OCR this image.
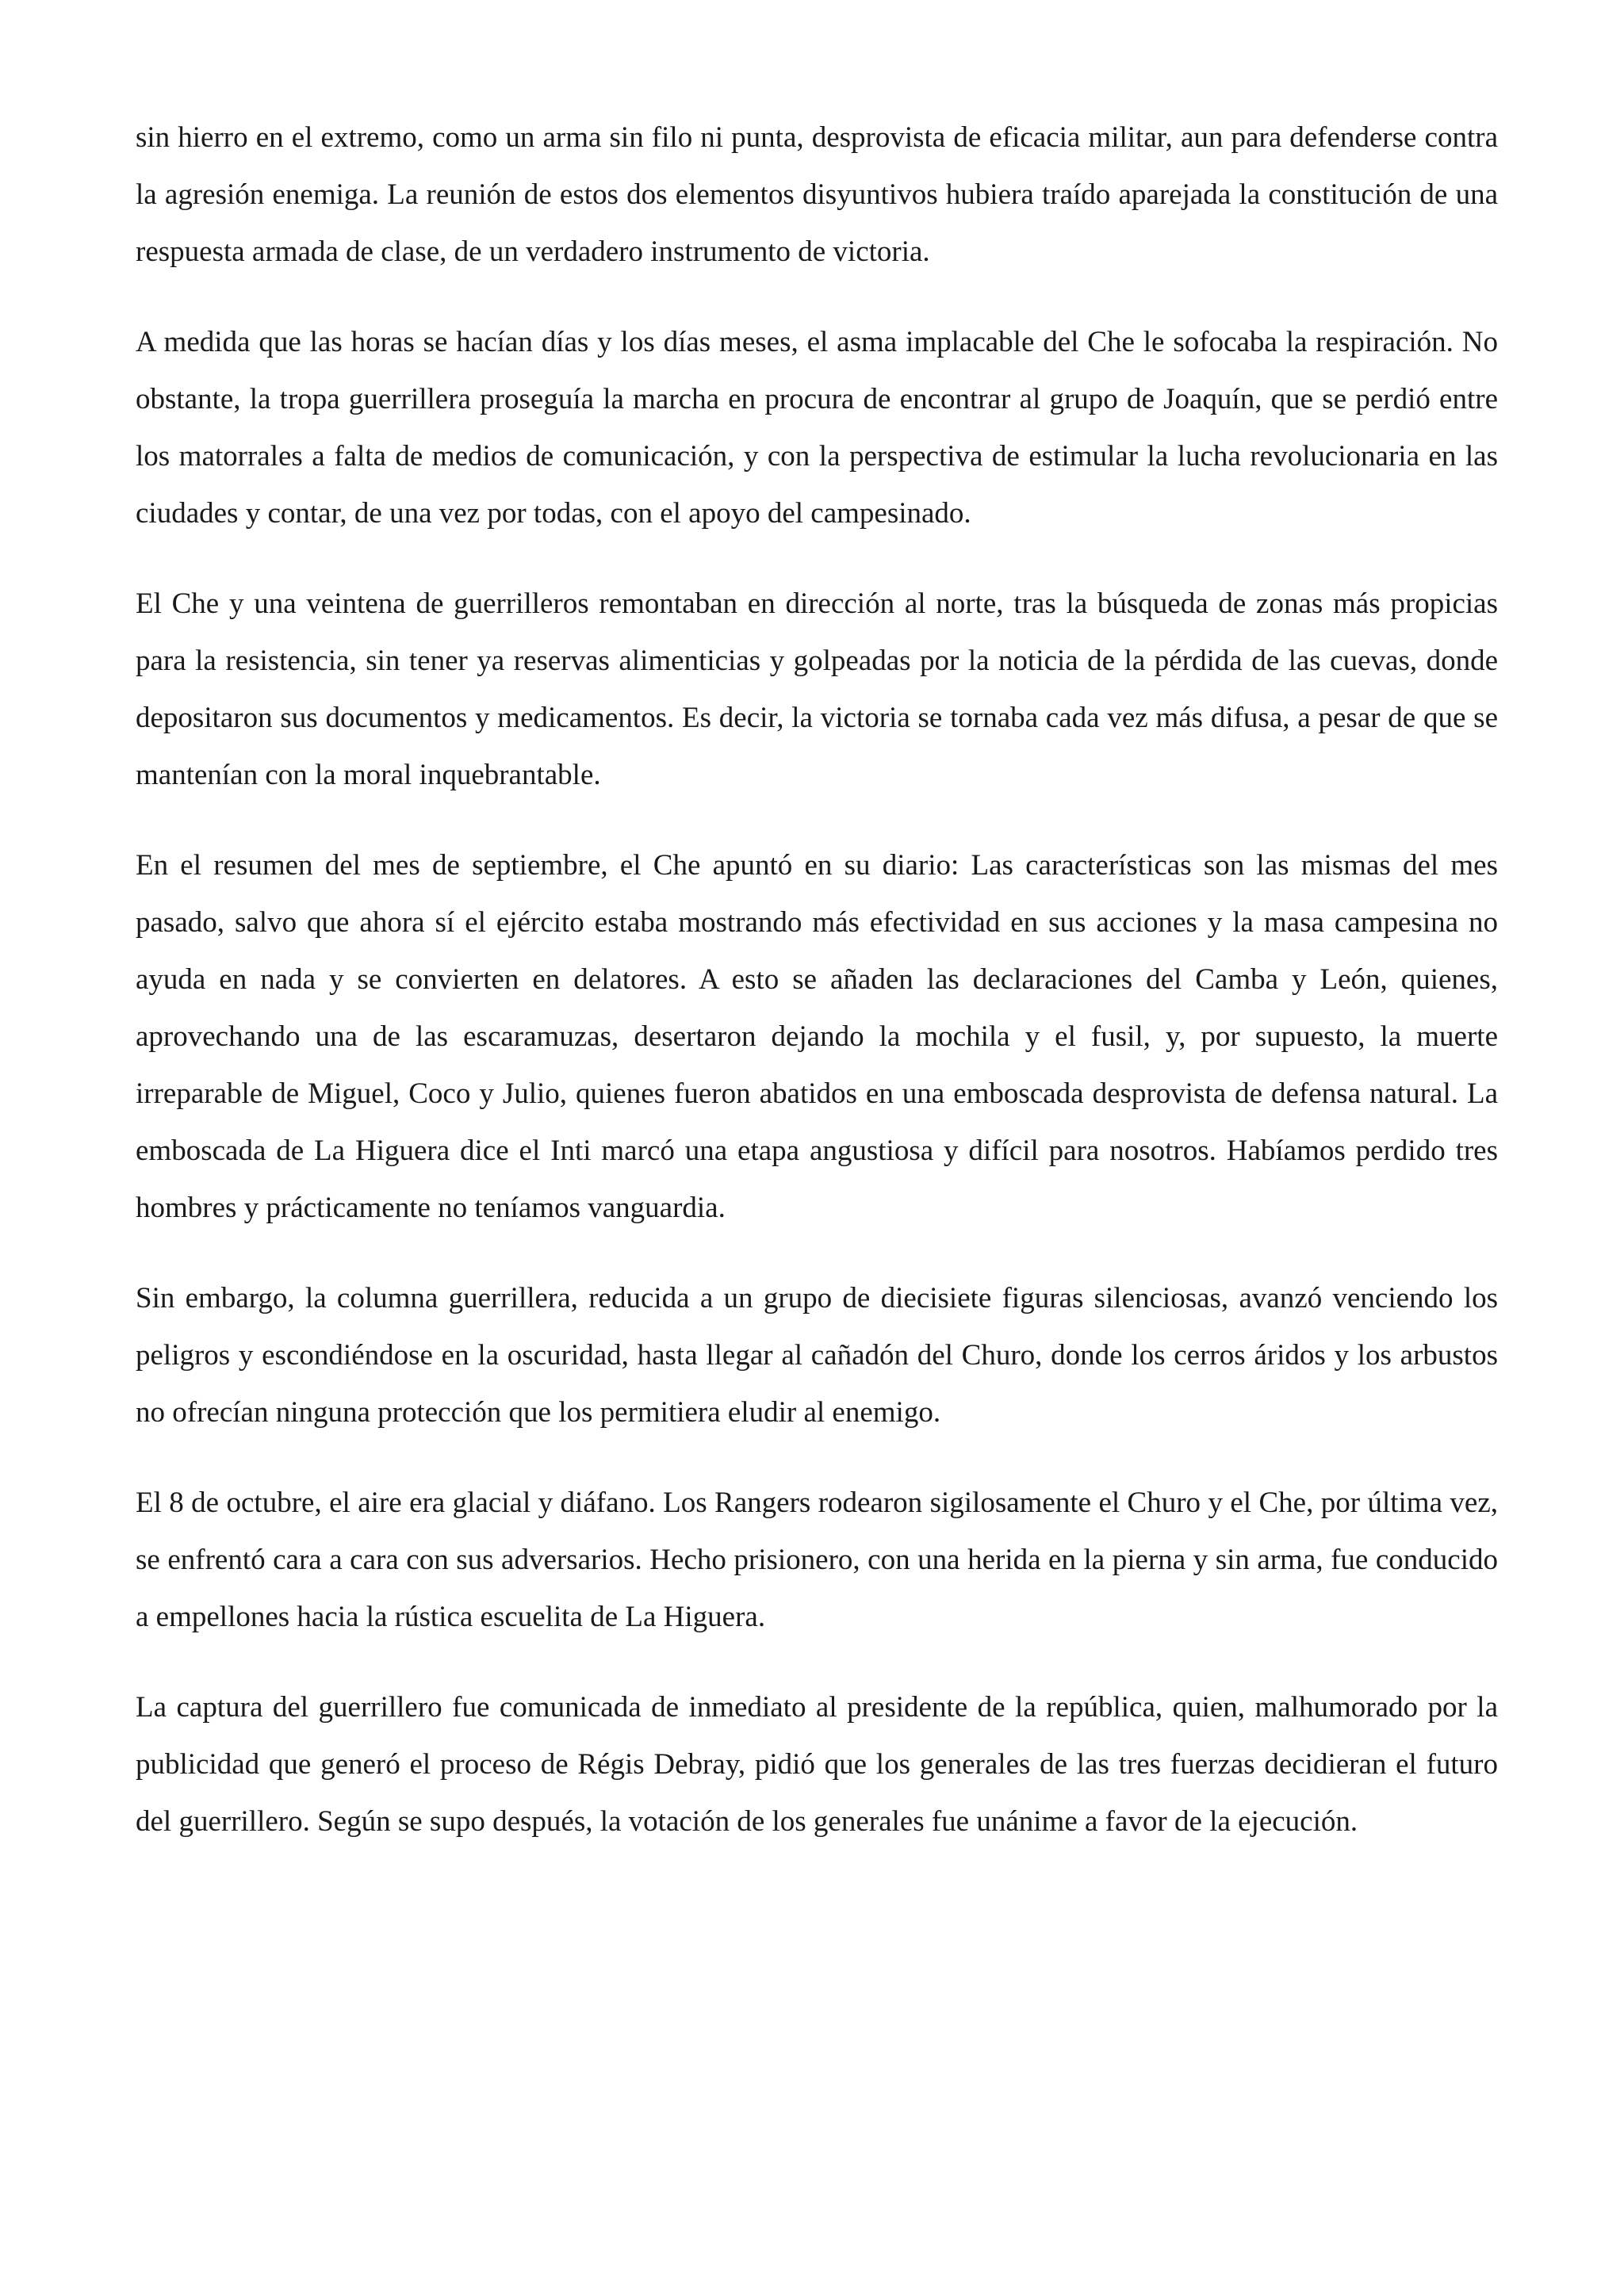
sin hierro en el extremo, como un arma sin filo ni punta, desprovista de eficacia militar, aun para defenderse contra la agresión enemiga. La reunión de estos dos elementos disyuntivos hubiera traído aparejada la constitución de una respuesta armada de clase, de un verdadero instrumento de victoria.

A medida que las horas se hacían días y los días meses, el asma implacable del Che le sofocaba la respiración. No obstante, la tropa guerrillera proseguía la marcha en procura de encontrar al grupo de Joaquín, que se perdió entre los matorrales a falta de medios de comunicación, y con la perspectiva de estimular la lucha revolucionaria en las ciudades y contar, de una vez por todas, con el apoyo del campesinado.

El Che y una veintena de guerrilleros remontaban en dirección al norte, tras la búsqueda de zonas más propicias para la resistencia, sin tener ya reservas alimenticias y golpeadas por la noticia de la pérdida de las cuevas, donde depositaron sus documentos y medicamentos. Es decir, la victoria se tornaba cada vez más difusa, a pesar de que se mantenían con la moral inquebrantable.

En el resumen del mes de septiembre, el Che apuntó en su diario: Las características son las mismas del mes pasado, salvo que ahora sí el ejército estaba mostrando más efectividad en sus acciones y la masa campesina no ayuda en nada y se convierten en delatores. A esto se añaden las declaraciones del Camba y León, quienes, aprovechando una de las escaramuzas, desertaron dejando la mochila y el fusil, y, por supuesto, la muerte irreparable de Miguel, Coco y Julio, quienes fueron abatidos en una emboscada desprovista de defensa natural. La emboscada de La Higuera dice el Inti marcó una etapa angustiosa y difícil para nosotros. Habíamos perdido tres hombres y prácticamente no teníamos vanguardia.

Sin embargo, la columna guerrillera, reducida a un grupo de diecisiete figuras silenciosas, avanzó venciendo los peligros y escondiéndose en la oscuridad, hasta llegar al cañadón del Churo, donde los cerros áridos y los arbustos no ofrecían ninguna protección que los permitiera eludir al enemigo.

El 8 de octubre, el aire era glacial y diáfano. Los Rangers rodearon sigilosamente el Churo y el Che, por última vez, se enfrentó cara a cara con sus adversarios. Hecho prisionero, con una herida en la pierna y sin arma, fue conducido a empellones hacia la rústica escuelita de La Higuera.

La captura del guerrillero fue comunicada de inmediato al presidente de la república, quien, malhumorado por la publicidad que generó el proceso de Régis Debray, pidió que los generales de las tres fuerzas decidieran el futuro del guerrillero. Según se supo después, la votación de los generales fue unánime a favor de la ejecución.
